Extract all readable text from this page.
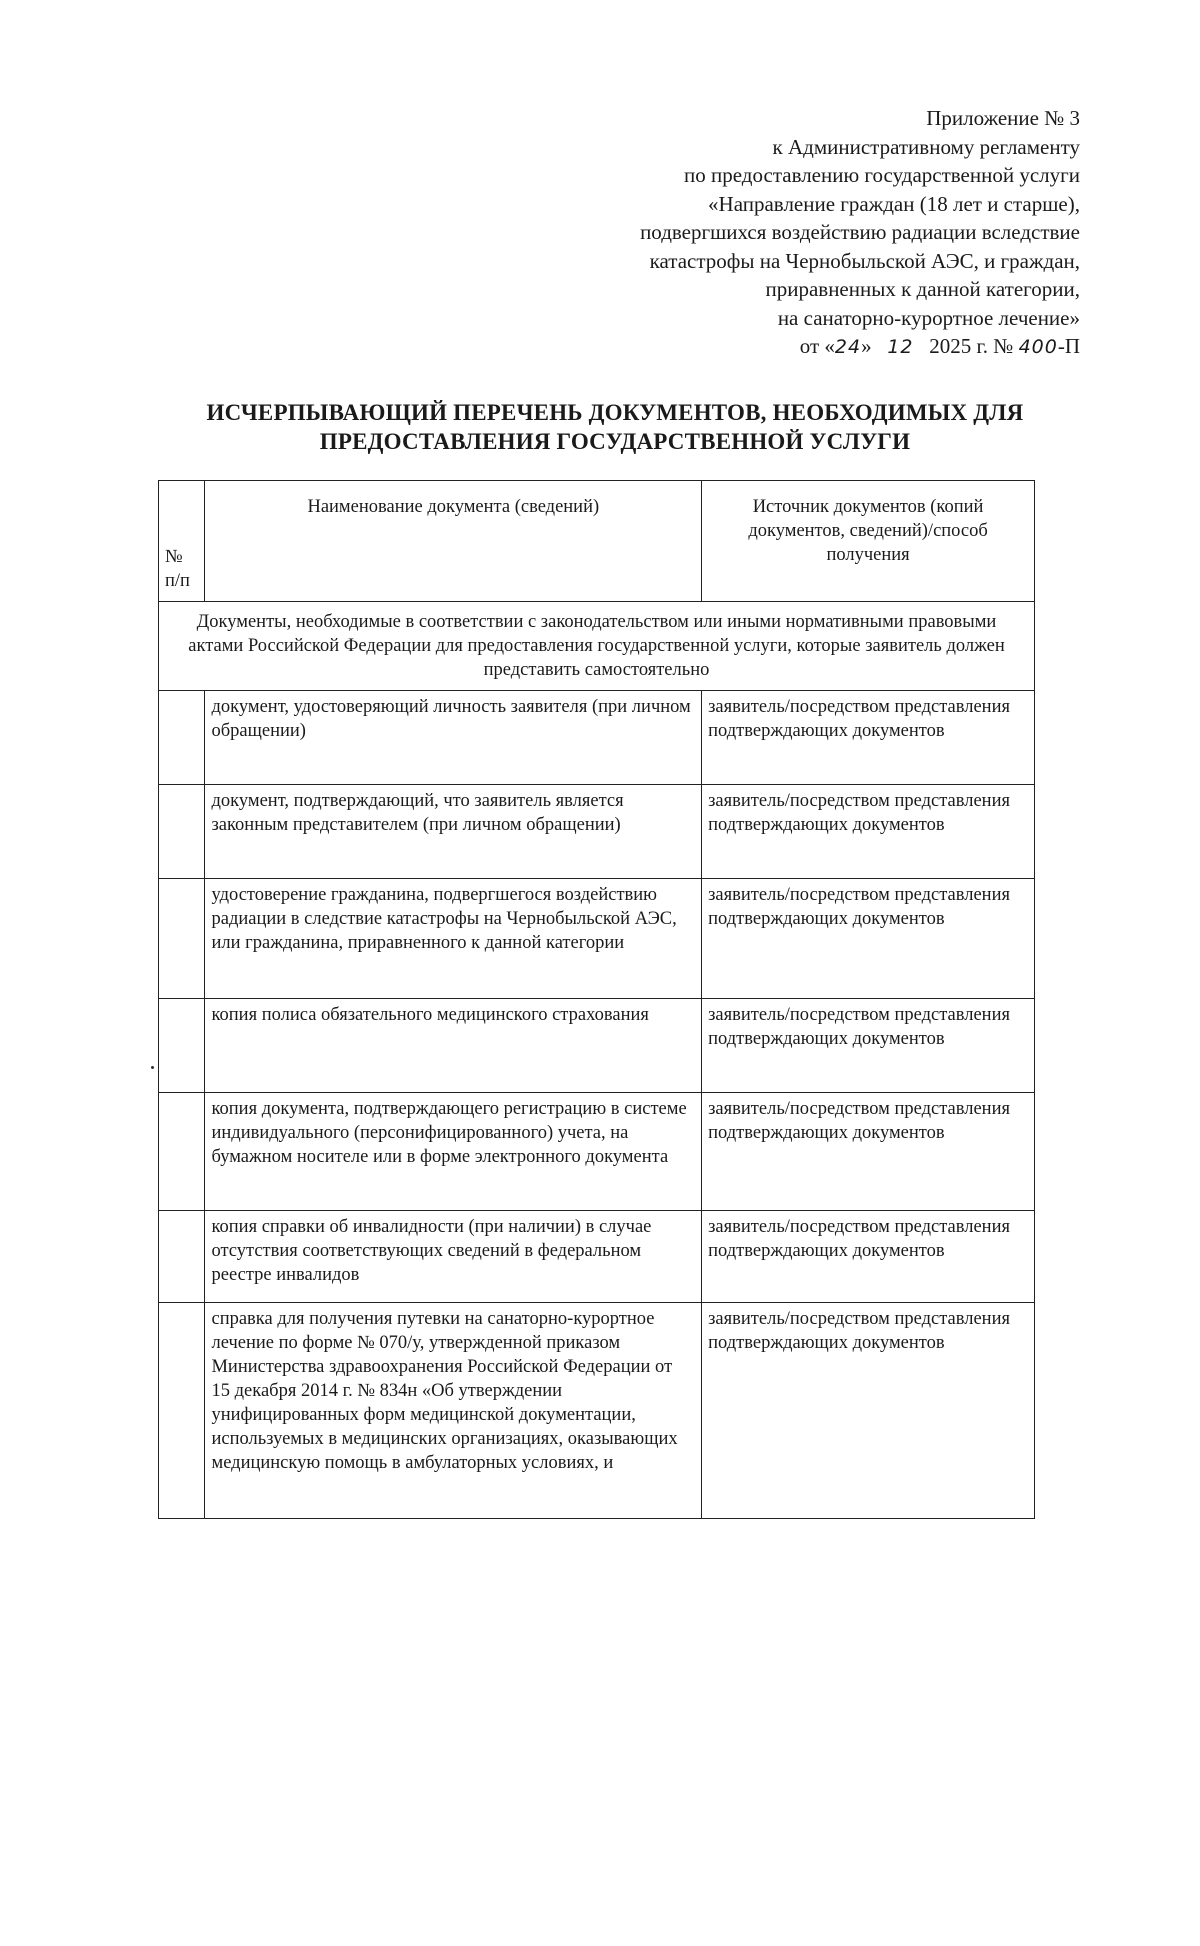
Приложение № 3
к Административному регламенту
по предоставлению государственной услуги
«Направление граждан (18 лет и старше),
подвергшихся воздействию радиации вследствие
катастрофы на Чернобыльской АЭС, и граждан,
приравненных к данной категории,
на санаторно-курортное лечение»
от «24» 12 2025 г. № 400-П
ИСЧЕРПЫВАЮЩИЙ ПЕРЕЧЕНЬ ДОКУМЕНТОВ, НЕОБХОДИМЫХ ДЛЯ
ПРЕДОСТАВЛЕНИЯ ГОСУДАРСТВЕННОЙ УСЛУГИ
№ п/п	Наименование документа (сведений)	Источник документов (копий документов, сведений)/способ получения
Документы, необходимые в соответствии с законодательством или иными нормативными правовыми актами Российской Федерации для предоставления государственной услуги, которые заявитель должен представить самостоятельно		
	документ, удостоверяющий личность заявителя (при личном обращении)	заявитель/посредством представления подтверждающих документов
	документ, подтверждающий, что заявитель является законным представителем (при личном обращении)	заявитель/посредством представления подтверждающих документов
	удостоверение гражданина, подвергшегося воздействию радиации в следствие катастрофы на Чернобыльской АЭС, или гражданина, приравненного к данной категории	заявитель/посредством представления подтверждающих документов
	копия полиса обязательного медицинского страхования	заявитель/посредством представления подтверждающих документов
	копия документа, подтверждающего регистрацию в системе индивидуального (персонифицированного) учета, на бумажном носителе или в форме электронного документа	заявитель/посредством представления подтверждающих документов
	копия справки об инвалидности (при наличии) в случае отсутствия соответствующих сведений в федеральном реестре инвалидов	заявитель/посредством представления подтверждающих документов
	справка для получения путевки на санаторно-курортное лечение по форме № 070/у, утвержденной приказом Министерства здравоохранения Российской Федерации от 15 декабря 2014 г. № 834н «Об утверждении унифицированных форм медицинской документации, используемых в медицинских организациях, оказывающих медицинскую помощь в амбулаторных условиях, и	заявитель/посредством представления подтверждающих документов
